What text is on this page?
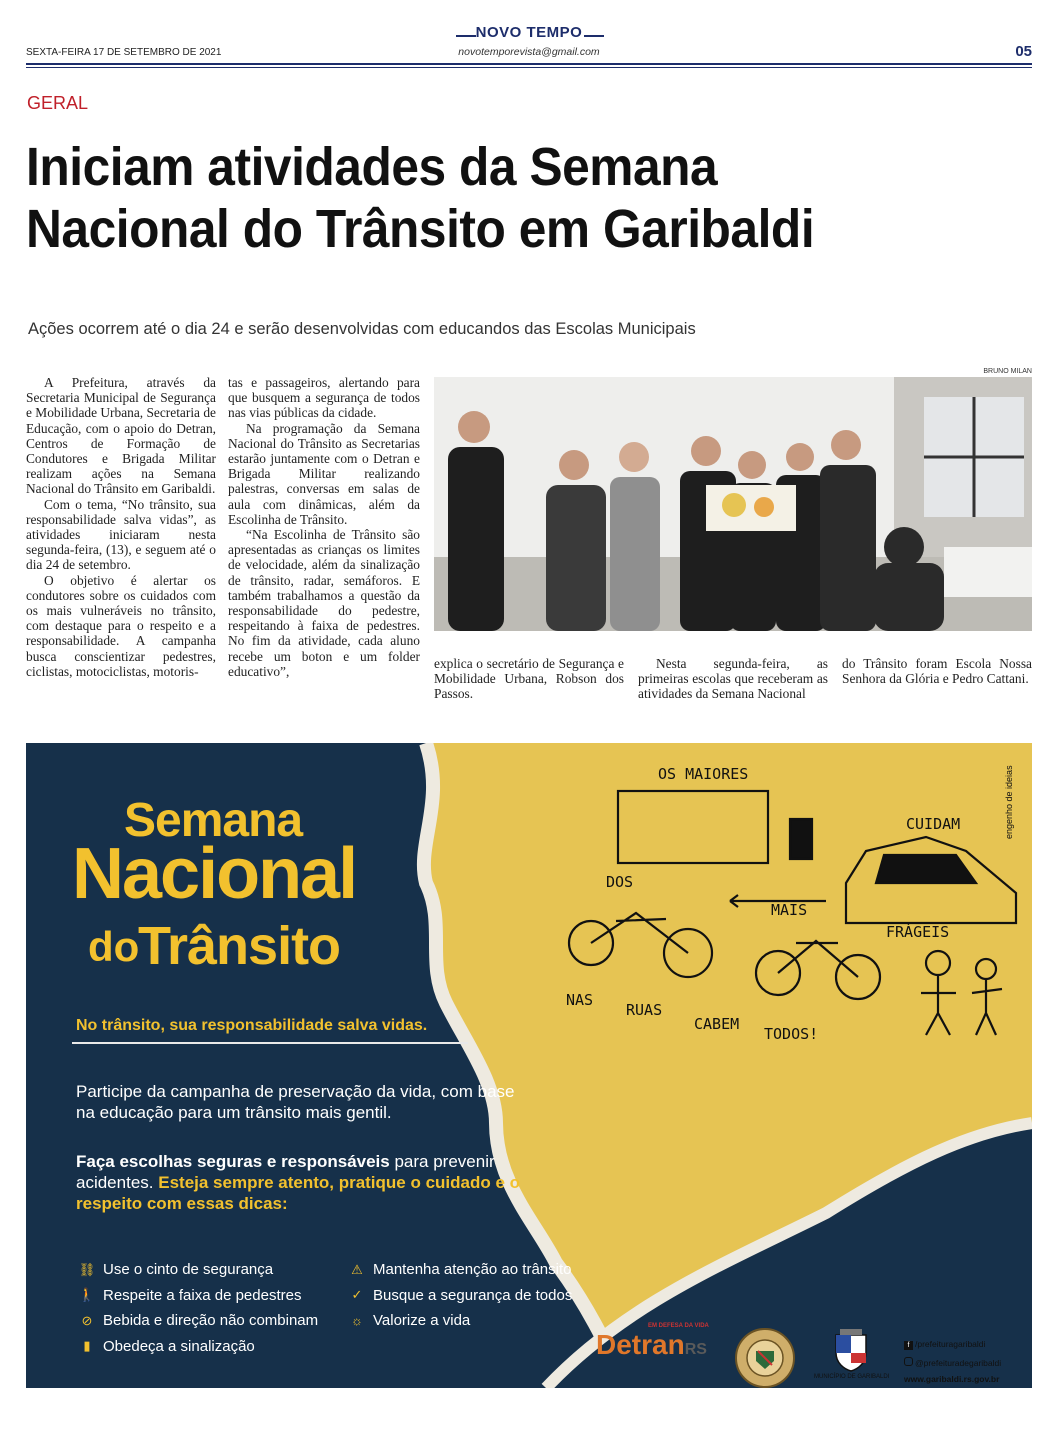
NOVO TEMPO
novotemporevista@gmail.com
SEXTA-FEIRA 17 DE SETEMBRO DE 2021	05
GERAL
Iniciam atividades da Semana
Nacional do Trânsito em Garibaldi
Ações ocorrem até o dia 24 e serão desenvolvidas com educandos das Escolas Municipais

A Prefeitura, através da Secretaria Municipal de Segurança e Mobilidade Urbana, Secretaria de Educação, com o apoio do Detran, Centros de Formação de Condutores e Brigada Militar realizam ações na Semana Nacional do Trânsito em Garibaldi.

Com o tema, “No trânsito, sua responsabilidade salva vidas”, as atividades iniciaram nesta segunda-feira, (13), e seguem até o dia 24 de setembro.

O objetivo é alertar os condutores sobre os cuidados com os mais vulneráveis no trânsito, com destaque para o respeito e a responsabilidade. A campanha busca conscientizar pedestres, ciclistas, motociclistas, motoris-

tas e passageiros, alertando para que busquem a segurança de todos nas vias públicas da cidade.

Na programação da Semana Nacional do Trânsito as Secretarias estarão juntamente com o Detran e Brigada Militar realizando palestras, conversas em salas de aula com dinâmicas, além da Escolinha de Trânsito.

“Na Escolinha de Trânsito são apresentadas as crianças os limites de velocidade, além da sinalização de trânsito, radar, semáforos. E também trabalhamos a questão da responsabilidade do pedestre, respeitando à faixa de pedestres. No fim da atividade, cada aluno recebe um boton e um folder educativo”,

explica o secretário de Segurança e Mobilidade Urbana, Robson dos Passos.

Nesta segunda-feira, as primeiras escolas que receberam as atividades da Semana Nacional

do Trânsito foram Escola Nossa Senhora da Glória e Pedro Cattani.

BRUNO MILAN
OS MAIORES
CUIDAM
DOS
MAIS
FRÁGEIS
NAS
RUAS
CABEM
TODOS!
engenho de ideias
Semana
Nacional
do
Trânsito
No trânsito, sua responsabilidade salva vidas.
Participe da campanha de preservação da vida, com base na educação para um trânsito mais gentil.
Faça escolhas seguras e responsáveis para prevenir acidentes. Esteja sempre atento, pratique o cuidado e o respeito com essas dicas:
⛓ Use o cinto de segurança
🚶 Respeite a faixa de pedestres
⊘ Bebida e direção não combinam
▮ Obedeça a sinalização
⚠ Mantenha atenção ao trânsito
✓ Busque a segurança de todos
☼ Valorize a vida	EM DEFESA DA VIDA
DetranRS
MUNICÍPIO DE GARIBALDI
f /prefeituragaribaldi
@prefeituradegaribaldi
www.garibaldi.rs.gov.br
